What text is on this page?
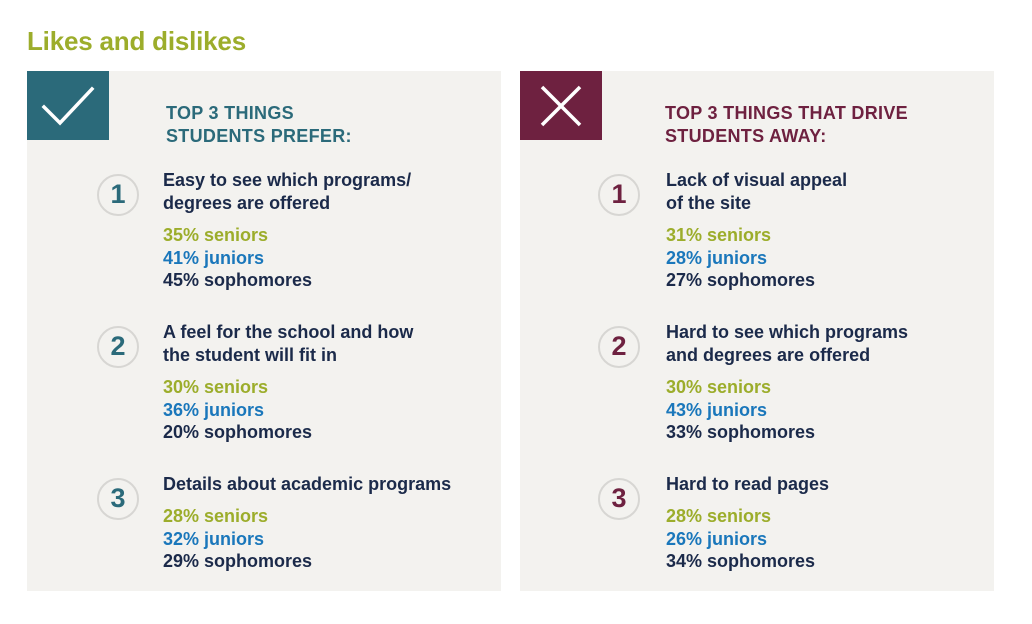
Likes and dislikes
TOP 3 THINGS
STUDENTS PREFER:
1	Easy to see which programs/
degrees are offered
35% seniors
41% juniors
45% sophomores
2	A feel for the school and how
the student will fit in
30% seniors
36% juniors
20% sophomores
3	Details about academic programs
28% seniors
32% juniors
29% sophomores
TOP 3 THINGS THAT DRIVE
STUDENTS AWAY:
1	Lack of visual appeal
of the site
31% seniors
28% juniors
27% sophomores
2	Hard to see which programs
and degrees are offered
30% seniors
43% juniors
33% sophomores
3	Hard to read pages
28% seniors
26% juniors
34% sophomores
